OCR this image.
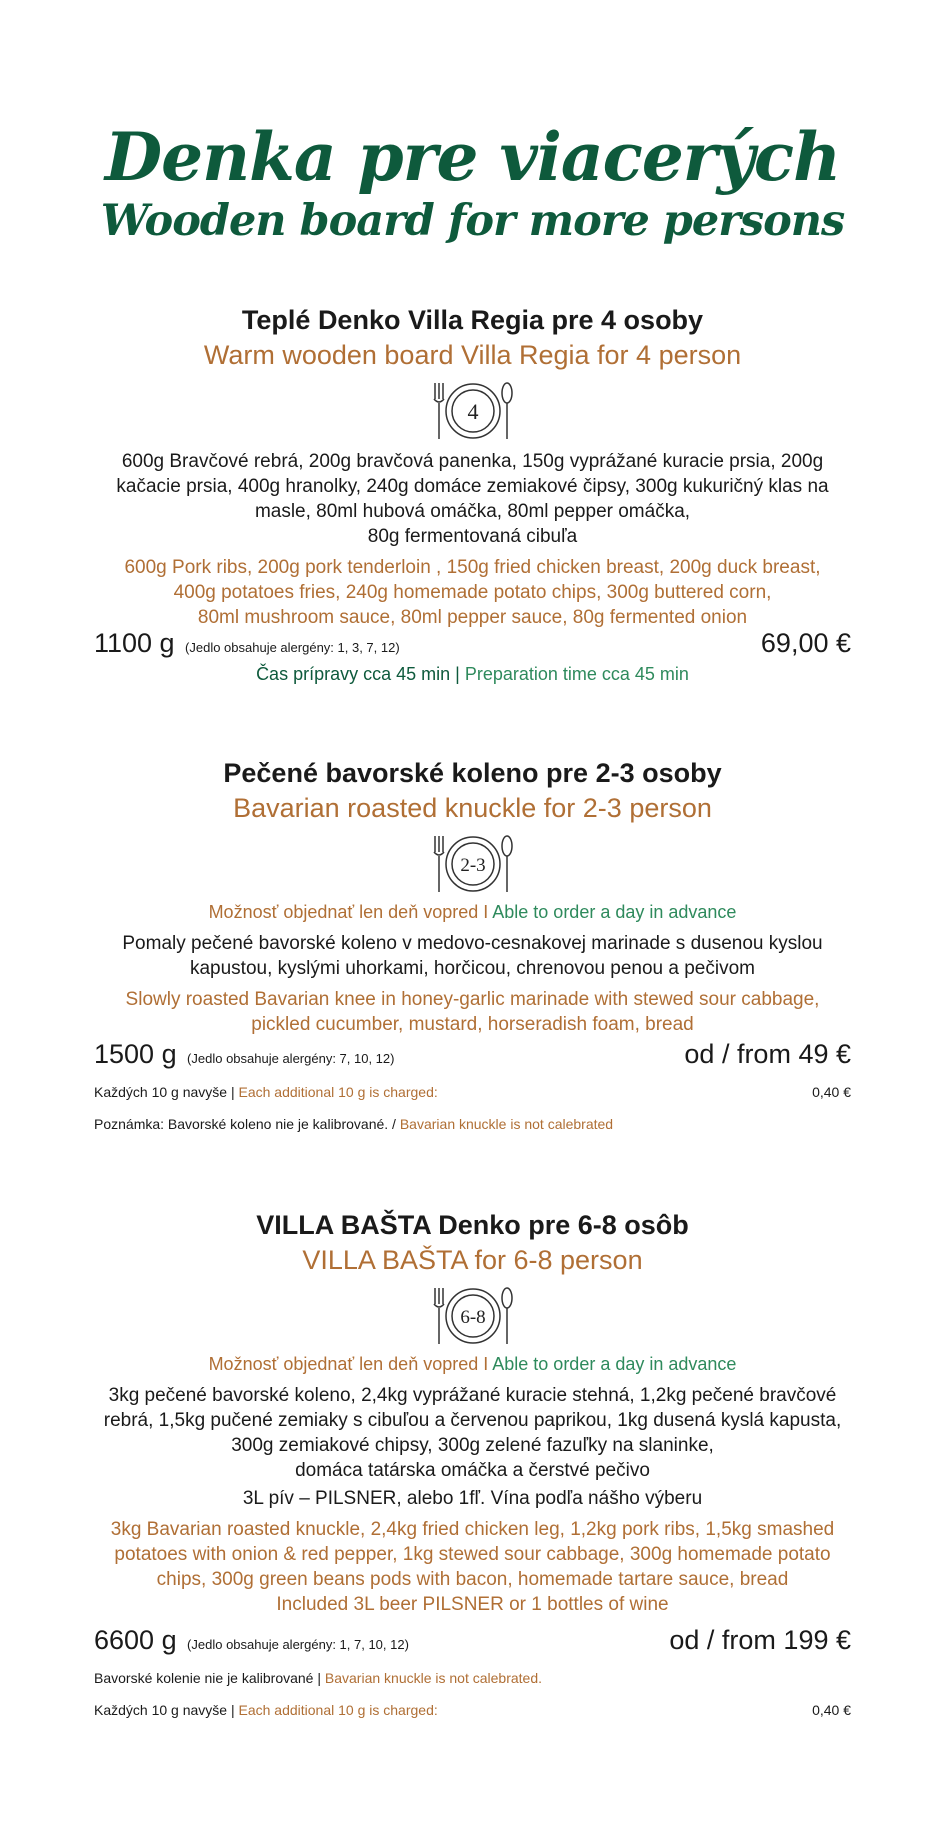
Denka pre viacerých
Wooden board for more persons
Teplé Denko Villa Regia pre 4 osoby
Warm wooden board Villa Regia for 4 person
4
600g Bravčové rebrá, 200g bravčová panenka, 150g vyprážané kuracie prsia, 200g
kačacie prsia, 400g hranolky, 240g domáce zemiakové čipsy, 300g kukuričný klas na
masle, 80ml hubová omáčka, 80ml pepper omáčka,
80g fermentovaná cibuľa
600g Pork ribs, 200g pork tenderloin , 150g fried chicken breast, 200g duck breast,
400g potatoes fries, 240g homemade potato chips, 300g buttered corn,
80ml mushroom sauce, 80ml pepper sauce, 80g fermented onion
1100 g (Jedlo obsahuje alergény: 1, 3, 7, 12)	69,00 €
Čas prípravy cca 45 min | Preparation time cca 45 min
Pečené bavorské koleno pre 2-3 osoby
Bavarian roasted knuckle for 2-3 person
2-3
Možnosť objednať len deň vopred I Able to order a day in advance
Pomaly pečené bavorské koleno v medovo-cesnakovej marinade s dusenou kyslou
kapustou, kyslými uhorkami, horčicou, chrenovou penou a pečivom
Slowly roasted Bavarian knee in honey-garlic marinade with stewed sour cabbage,
pickled cucumber, mustard, horseradish foam, bread
1500 g (Jedlo obsahuje alergény: 7, 10, 12)	od / from 49 €
Každých 10 g navyše | Each additional 10 g is charged:	0,40 €
Poznámka: Bavorské koleno nie je kalibrované. / Bavarian knuckle is not calebrated
VILLA BAŠTA Denko pre 6-8 osôb
VILLA BAŠTA for 6-8 person
6-8
Možnosť objednať len deň vopred I Able to order a day in advance
3kg pečené bavorské koleno, 2,4kg vyprážané kuracie stehná, 1,2kg pečené bravčové
rebrá, 1,5kg pučené zemiaky s cibuľou a červenou paprikou, 1kg dusená kyslá kapusta,
300g zemiakové chipsy, 300g zelené fazuľky na slaninke,
domáca tatárska omáčka a čerstvé pečivo
3L pív – PILSNER, alebo 1fľ. Vína podľa nášho výberu
3kg Bavarian roasted knuckle, 2,4kg fried chicken leg, 1,2kg pork ribs, 1,5kg smashed
potatoes with onion & red pepper, 1kg stewed sour cabbage, 300g homemade potato
chips, 300g green beans pods with bacon, homemade tartare sauce, bread
Included 3L beer PILSNER or 1 bottles of wine
6600 g (Jedlo obsahuje alergény: 1, 7, 10, 12)	od / from 199 €
Bavorské kolenie nie je kalibrované | Bavarian knuckle is not calebrated.
Každých 10 g navyše | Each additional 10 g is charged:	0,40 €
